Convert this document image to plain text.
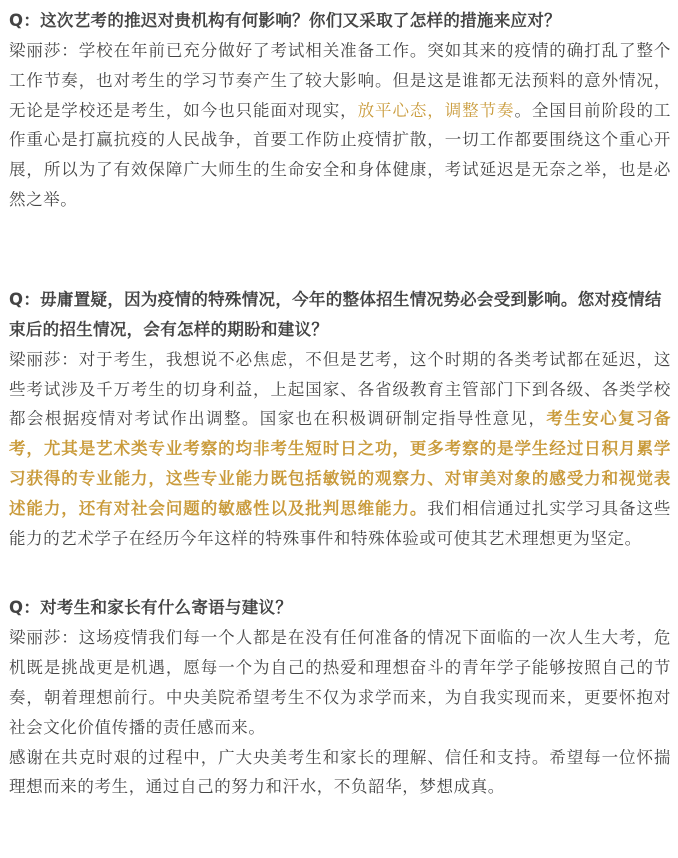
Q：这次艺考的推迟对贵机构有何影响？你们又采取了怎样的措施来应对？

梁丽莎：学校在年前已充分做好了考试相关准备工作。突如其来的疫情的确打乱了整个工作节奏，也对考生的学习节奏产生了较大影响。但是这是谁都无法预料的意外情况，无论是学校还是考生，如今也只能面对现实，放平心态，调整节奏。全国目前阶段的工作重心是打赢抗疫的人民战争，首要工作防止疫情扩散，一切工作都要围绕这个重心开展，所以为了有效保障广大师生的生命安全和身体健康，考试延迟是无奈之举，也是必然之举。

Q：毋庸置疑，因为疫情的特殊情况，今年的整体招生情况势必会受到影响。您对疫情结束后的招生情况，会有怎样的期盼和建议？

梁丽莎：对于考生，我想说不必焦虑，不但是艺考，这个时期的各类考试都在延迟，这些考试涉及千万考生的切身利益，上起国家、各省级教育主管部门下到各级、各类学校都会根据疫情对考试作出调整。国家也在积极调研制定指导性意见，考生安心复习备考，尤其是艺术类专业考察的均非考生短时日之功，更多考察的是学生经过日积月累学习获得的专业能力，这些专业能力既包括敏锐的观察力、对审美对象的感受力和视觉表述能力，还有对社会问题的敏感性以及批判思维能力。我们相信通过扎实学习具备这些能力的艺术学子在经历今年这样的特殊事件和特殊体验或可使其艺术理想更为坚定。

Q：对考生和家长有什么寄语与建议？

梁丽莎：这场疫情我们每一个人都是在没有任何准备的情况下面临的一次人生大考，危机既是挑战更是机遇，愿每一个为自己的热爱和理想奋斗的青年学子能够按照自己的节奏，朝着理想前行。中央美院希望考生不仅为求学而来，为自我实现而来，更要怀抱对社会文化价值传播的责任感而来。

感谢在共克时艰的过程中，广大央美考生和家长的理解、信任和支持。希望每一位怀揣理想而来的考生，通过自己的努力和汗水，不负韶华，梦想成真。
